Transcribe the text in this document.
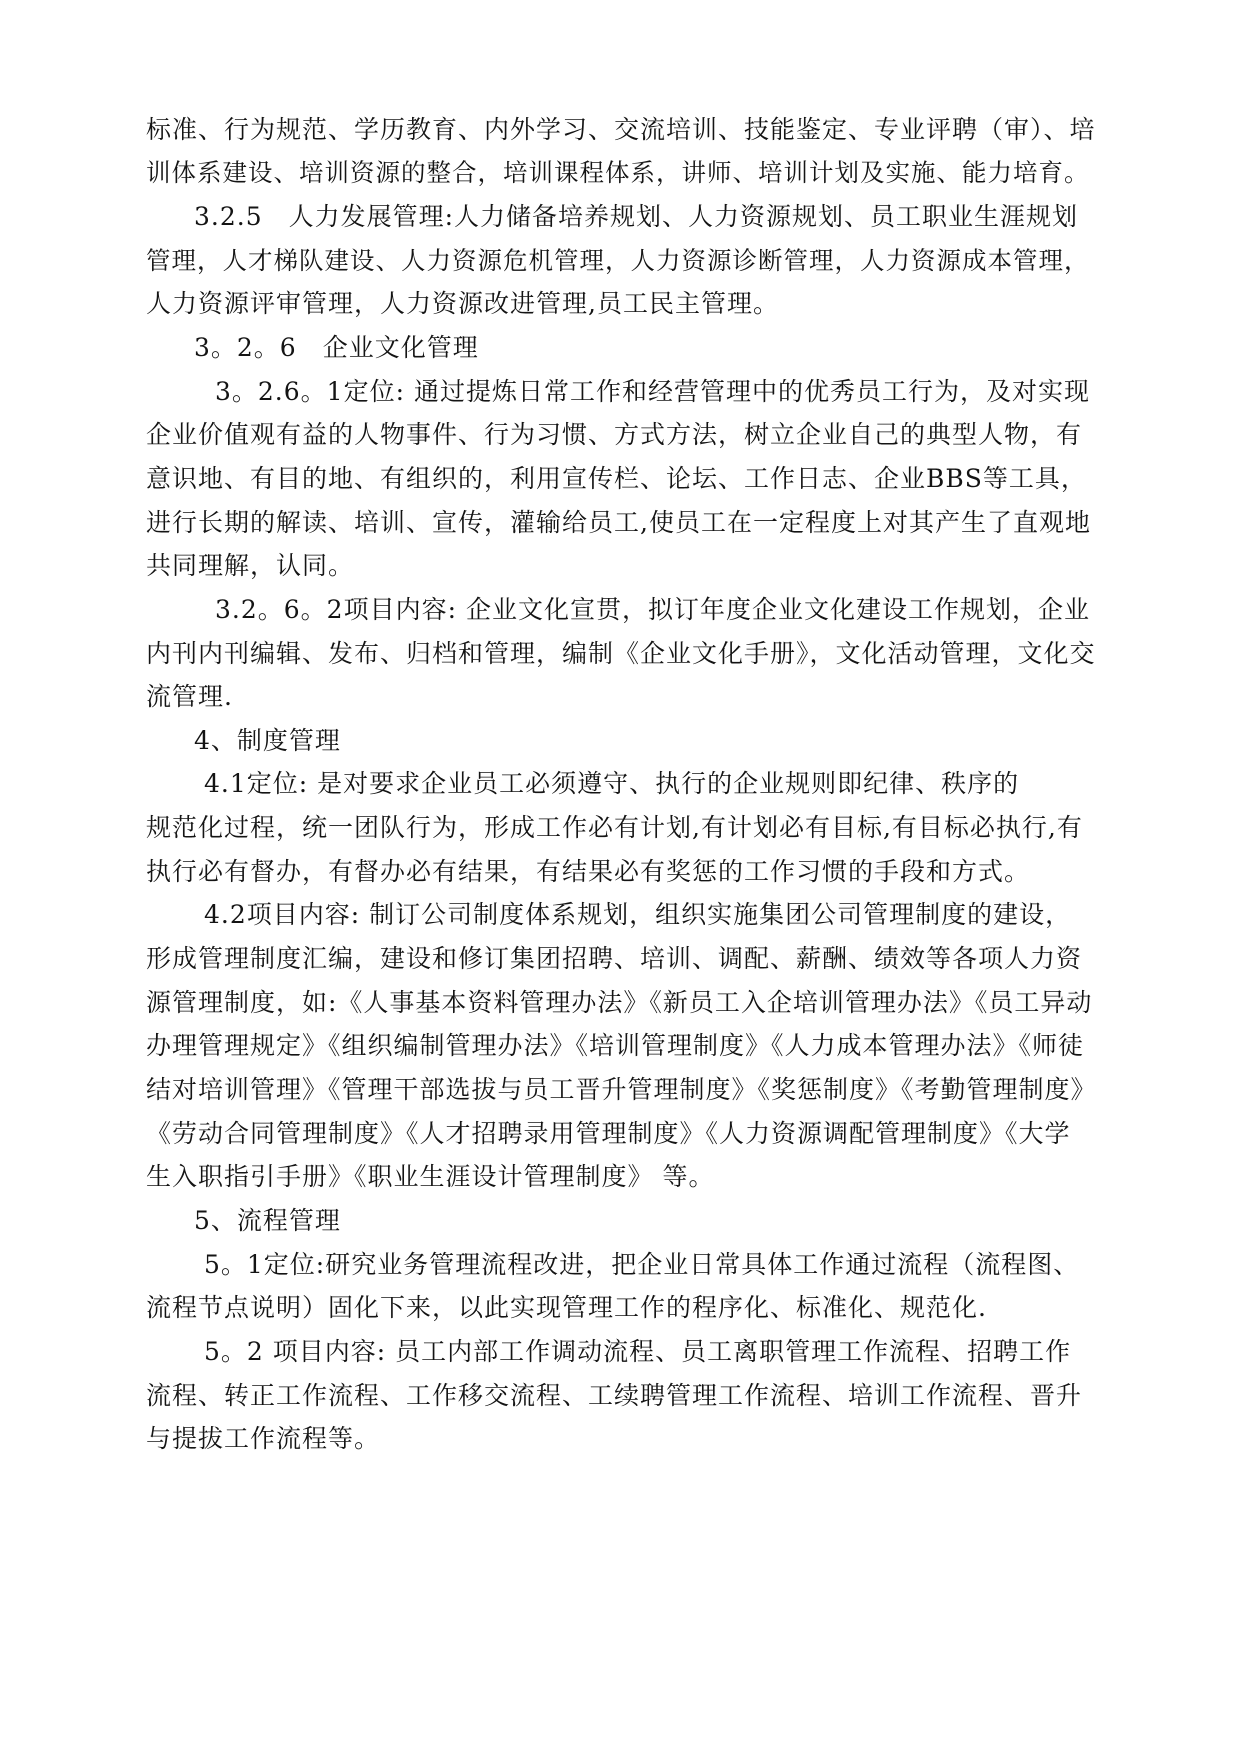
标准、行为规范、学历教育、内外学习、交流培训、技能鉴定、专业评聘（审）、培
训体系建设、培训资源的整合，培训课程体系，讲师、培训计划及实施、能力培育。
3.2.5　人力发展管理:人力储备培养规划、人力资源规划、员工职业生涯规划
管理，人才梯队建设、人力资源危机管理，人力资源诊断管理，人力资源成本管理，
人力资源评审管理，人力资源改进管理,员工民主管理。
3。2。6　企业文化管理
3。2.6。1定位: 通过提炼日常工作和经营管理中的优秀员工行为，及对实现
企业价值观有益的人物事件、行为习惯、方式方法，树立企业自己的典型人物，有
意识地、有目的地、有组织的，利用宣传栏、论坛、工作日志、企业BBS等工具，
进行长期的解读、培训、宣传，灌输给员工,使员工在一定程度上对其产生了直观地
共同理解，认同。
3.2。6。2项目内容: 企业文化宣贯，拟订年度企业文化建设工作规划，企业
内刊内刊编辑、发布、归档和管理，编制《企业文化手册》，文化活动管理，文化交
流管理.
4、制度管理
4.1定位: 是对要求企业员工必须遵守、执行的企业规则即纪律、秩序的
规范化过程，统一团队行为，形成工作必有计划,有计划必有目标,有目标必执行,有
执行必有督办，有督办必有结果，有结果必有奖惩的工作习惯的手段和方式。
4.2项目内容: 制订公司制度体系规划，组织实施集团公司管理制度的建设，
形成管理制度汇编，建设和修订集团招聘、培训、调配、薪酬、绩效等各项人力资
源管理制度，如:《人事基本资料管理办法》《新员工入企培训管理办法》《员工异动
办理管理规定》《组织编制管理办法》《培训管理制度》《人力成本管理办法》《师徒
结对培训管理》《管理干部选拔与员工晋升管理制度》《奖惩制度》《考勤管理制度》
《劳动合同管理制度》《人才招聘录用管理制度》《人力资源调配管理制度》《大学
生入职指引手册》《职业生涯设计管理制度》 等。
5、流程管理
5。1定位:研究业务管理流程改进，把企业日常具体工作通过流程（流程图、
流程节点说明）固化下来，以此实现管理工作的程序化、标准化、规范化.
5。2 项目内容: 员工内部工作调动流程、员工离职管理工作流程、招聘工作
流程、转正工作流程、工作移交流程、工续聘管理工作流程、培训工作流程、晋升
与提拔工作流程等。
